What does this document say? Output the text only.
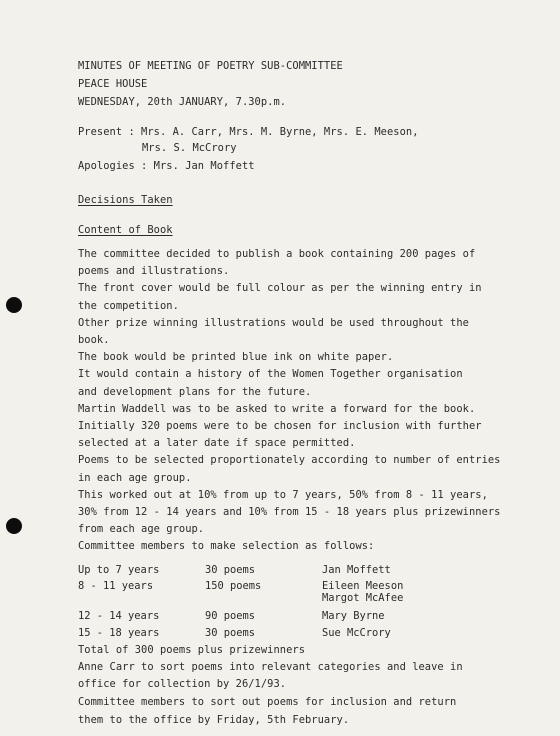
MINUTES OF MEETING OF POETRY SUB-COMMITTEE
PEACE HOUSE
WEDNESDAY, 20th JANUARY, 7.30p.m.
Present : Mrs. A. Carr, Mrs. M. Byrne, Mrs. E. Meeson,
Mrs. S. McCrory
Apologies : Mrs. Jan Moffett
Decisions Taken
Content of Book
The committee decided to publish a book containing 200 pages of
poems and illustrations.
The front cover would be full colour as per the winning entry in
the competition.
Other prize winning illustrations would be used throughout the
book.
The book would be printed blue ink on white paper.
It would contain a history of the Women Together organisation
and development plans for the future.
Martin Waddell was to be asked to write a forward for the book.
Initially 320 poems were to be chosen for inclusion with further
selected at a later date if space permitted.
Poems to be selected proportionately according to number of entries
in each age group.
This worked out at 10% from up to 7 years, 50% from 8 - 11 years,
30% from 12 - 14 years and 10% from 15 - 18 years plus prizewinners
from each age group.
Committee members to make selection as follows:
Up to 7 years	30 poems	Jan Moffett
8 - 11 years	150 poems	Eileen Meeson
Margot McAfee
12 - 14 years	90 poems	Mary Byrne
15 - 18 years	30 poems	Sue McCrory
Total of 300 poems plus prizewinners
Anne Carr to sort poems into relevant categories and leave in
office for collection by 26/1/93.
Committee members to sort out poems for inclusion and return
them to the office by Friday, 5th February.
